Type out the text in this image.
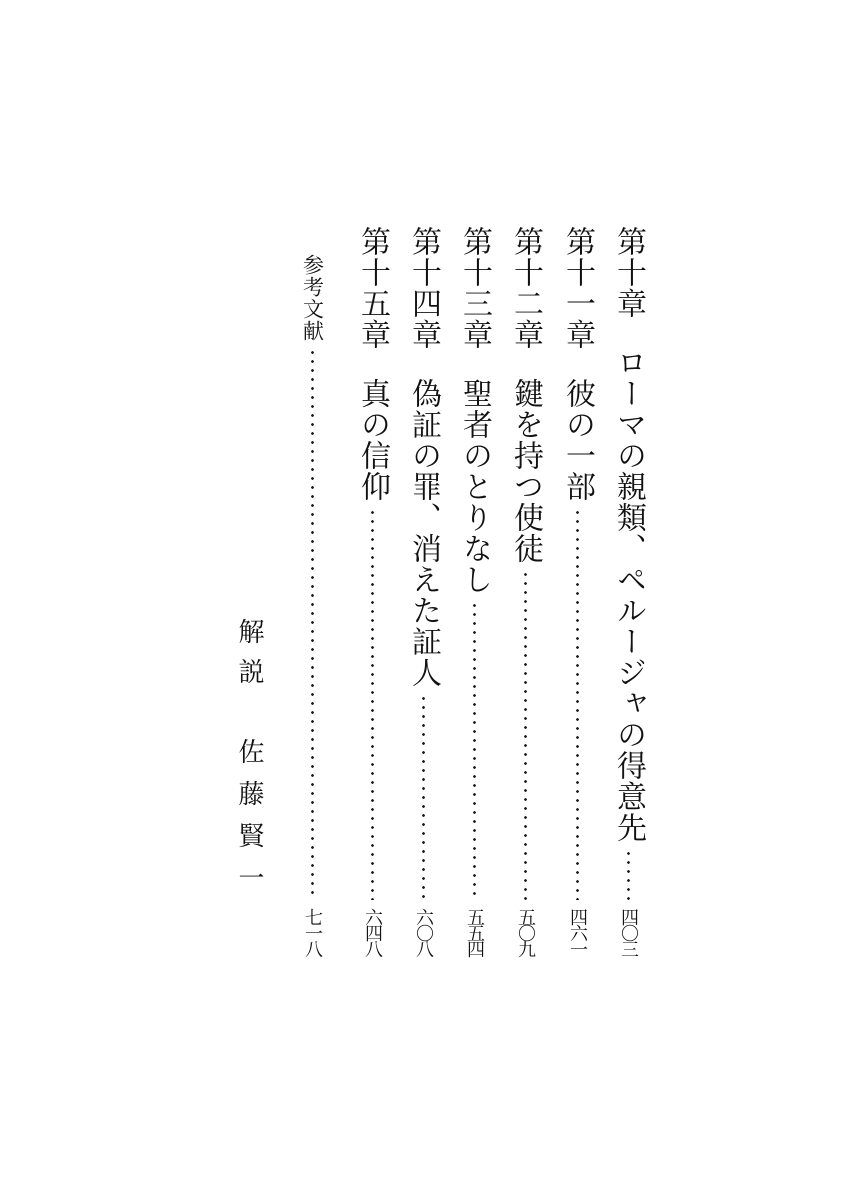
第十章
ローマの親類、ペルージャの得意先
四〇三
第十一章
彼の一部
四六一
第十二章
鍵を持つ使徒
五〇九
第十三章
聖者のとりなし
五五四
第十四章
偽証の罪、消えた証人
六〇八
第十五章
真の信仰
六四八
参考文献
七一八
解説佐藤賢一
